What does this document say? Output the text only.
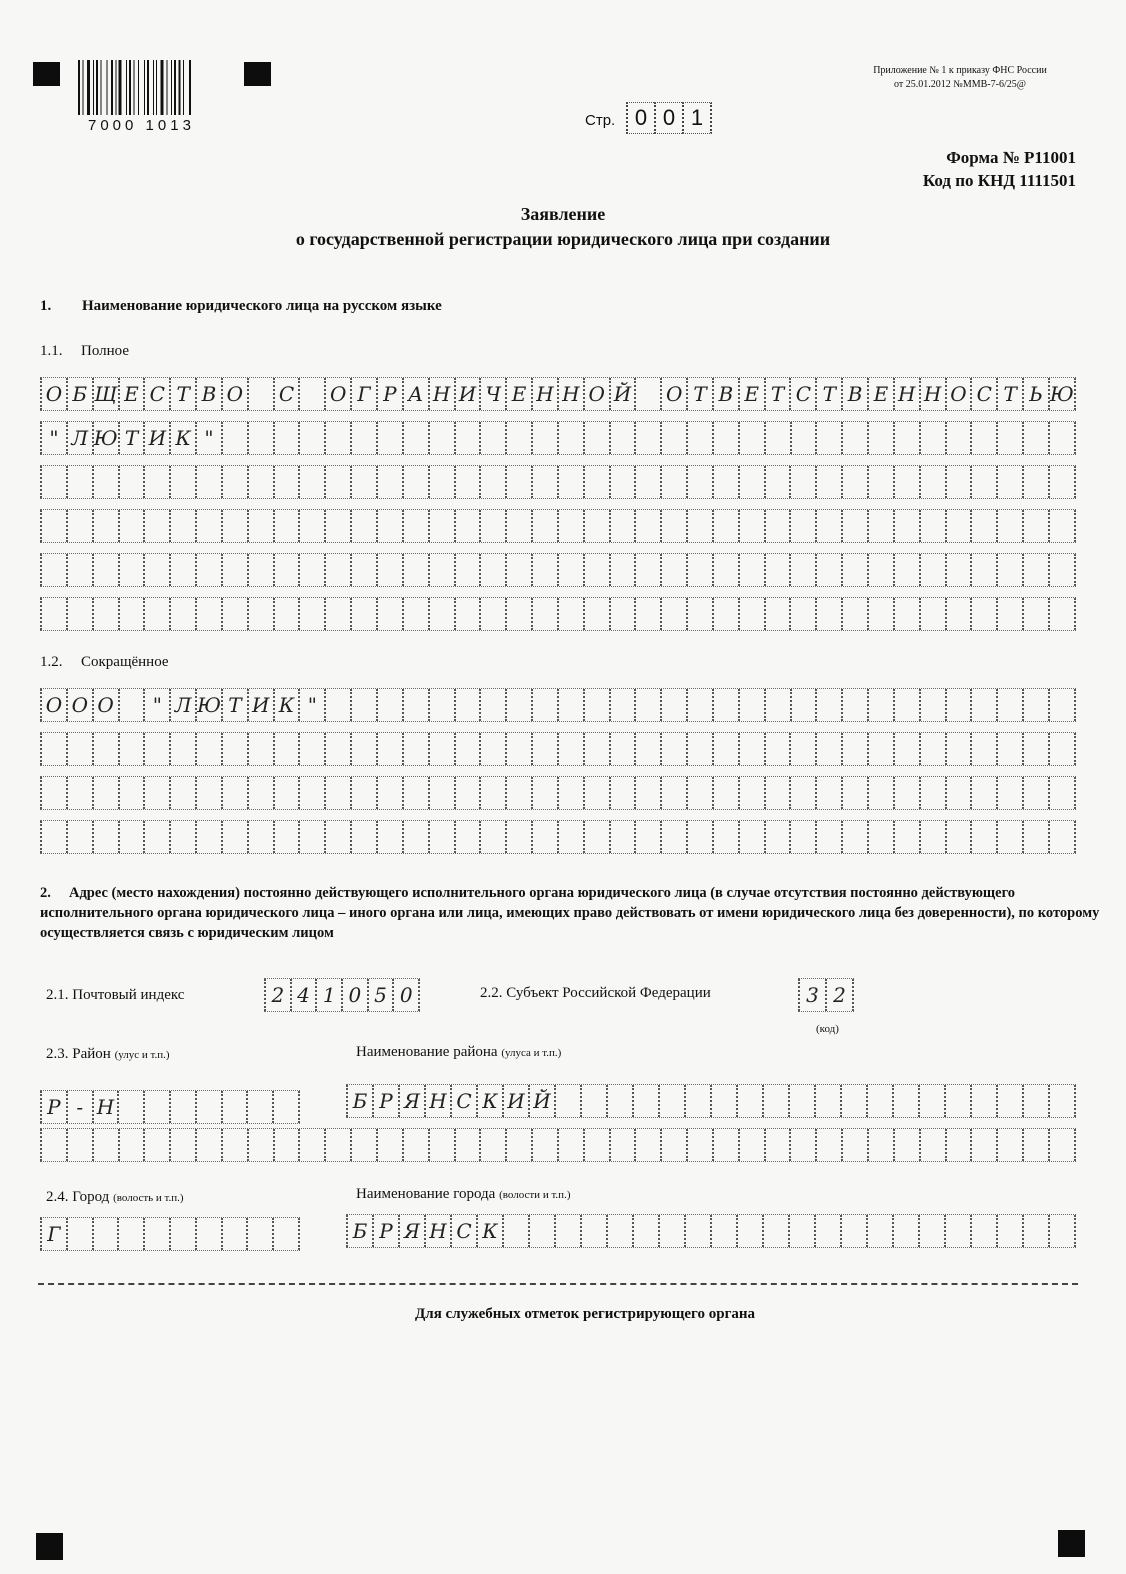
7000 1013
Приложение № 1 к приказу ФНС России
от 25.01.2012 №ММВ-7-6/25@
Стр. 0 0 1
Форма № Р11001
Код по КНД 1111501
Заявление
о государственной регистрации юридического лица при создании
1. Наименование юридического лица на русском языке
1.1. Полное
О Б Щ Е С Т В О	С О Г Р А Н И Ч Е Н Н О Й О Т В Е Т С Т В Е Н Н О С Т Ь Ю
" Л Ю Т И К "
1.2. Сокращённое
О О О	" Л Ю Т И К "
2. Адрес (место нахождения) постоянно действующего исполнительного органа юридического лица (в случае отсутствия постоянно действующего исполнительного органа юридического лица – иного органа или лица, имеющих право действовать от имени юридического лица без доверенности), по которому осуществляется связь с юридическим лицом
2.1. Почтовый индекс	2 4 1 0 5 0	2.2. Субъект Российской Федерации	3 2
(код)
2.3. Район (улус и т.п.)	Наименование района (улуса и т.п.)
Р - Н	Б Р Я Н С К И Й
2.4. Город (волость и т.п.)	Наименование города (волости и т.п.)
Г	Б Р Я Н С К
Для служебных отметок регистрирующего органа
